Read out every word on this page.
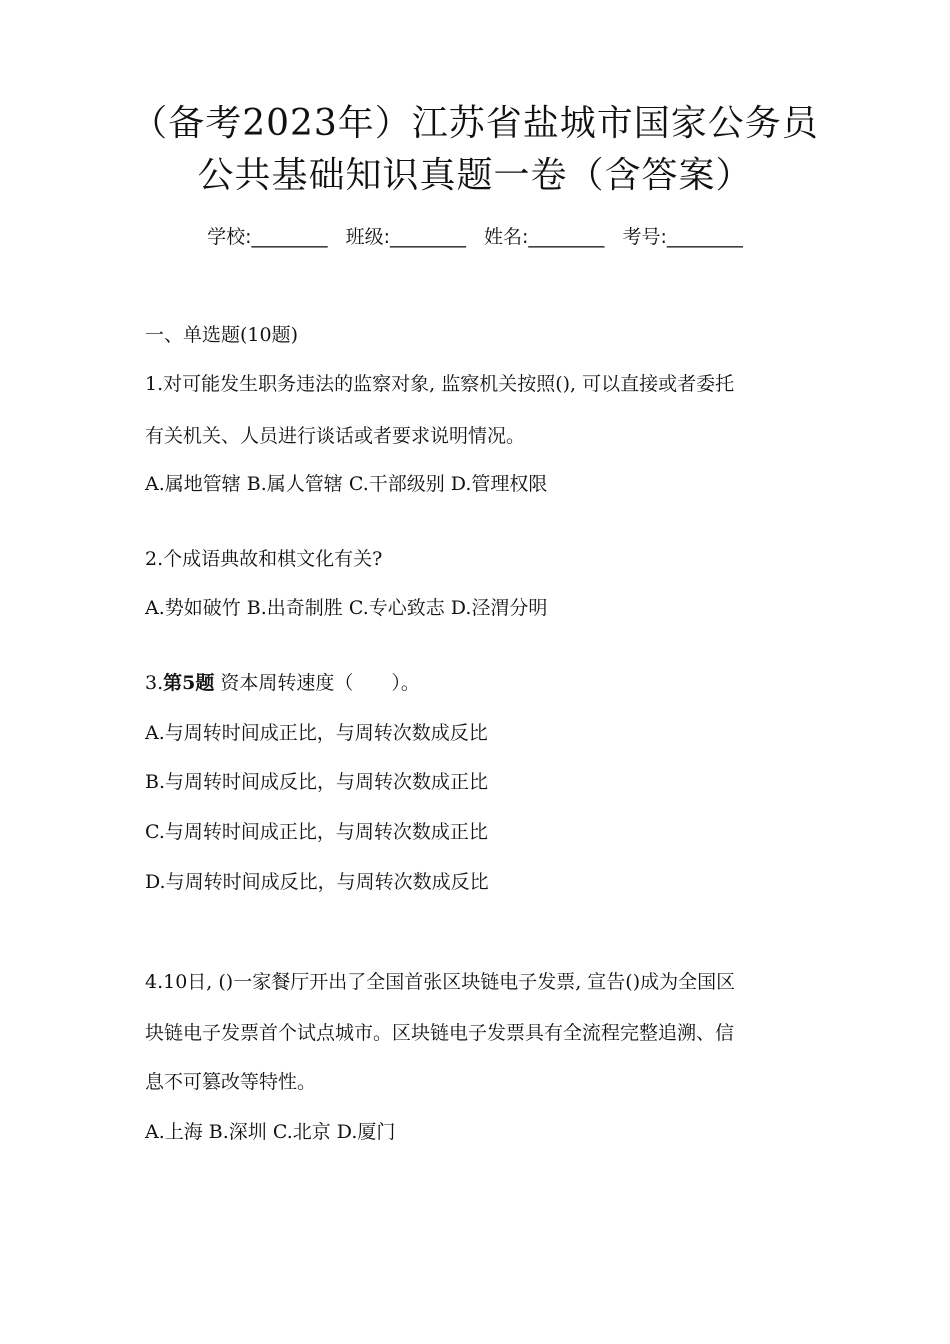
（备考2023年）江苏省盐城市国家公务员
公共基础知识真题一卷（含答案）
学校:________ 班级:________ 姓名:________ 考号:________
一、单选题(10题)
1.对可能发生职务违法的监察对象, 监察机关按照(), 可以直接或者委托
有关机关、人员进行谈话或者要求说明情况。
A.属地管辖 B.属人管辖 C.干部级别 D.管理权限
2.个成语典故和棋文化有关?
A.势如破竹 B.出奇制胜 C.专心致志 D.泾渭分明
3.第5题 资本周转速度（　　）。
A.与周转时间成正比，与周转次数成反比
B.与周转时间成反比，与周转次数成正比
C.与周转时间成正比，与周转次数成正比
D.与周转时间成反比，与周转次数成反比
4.10日, ()一家餐厅开出了全国首张区块链电子发票, 宣告()成为全国区
块链电子发票首个试点城市。区块链电子发票具有全流程完整追溯、信
息不可篡改等特性。
A.上海 B.深圳 C.北京 D.厦门
